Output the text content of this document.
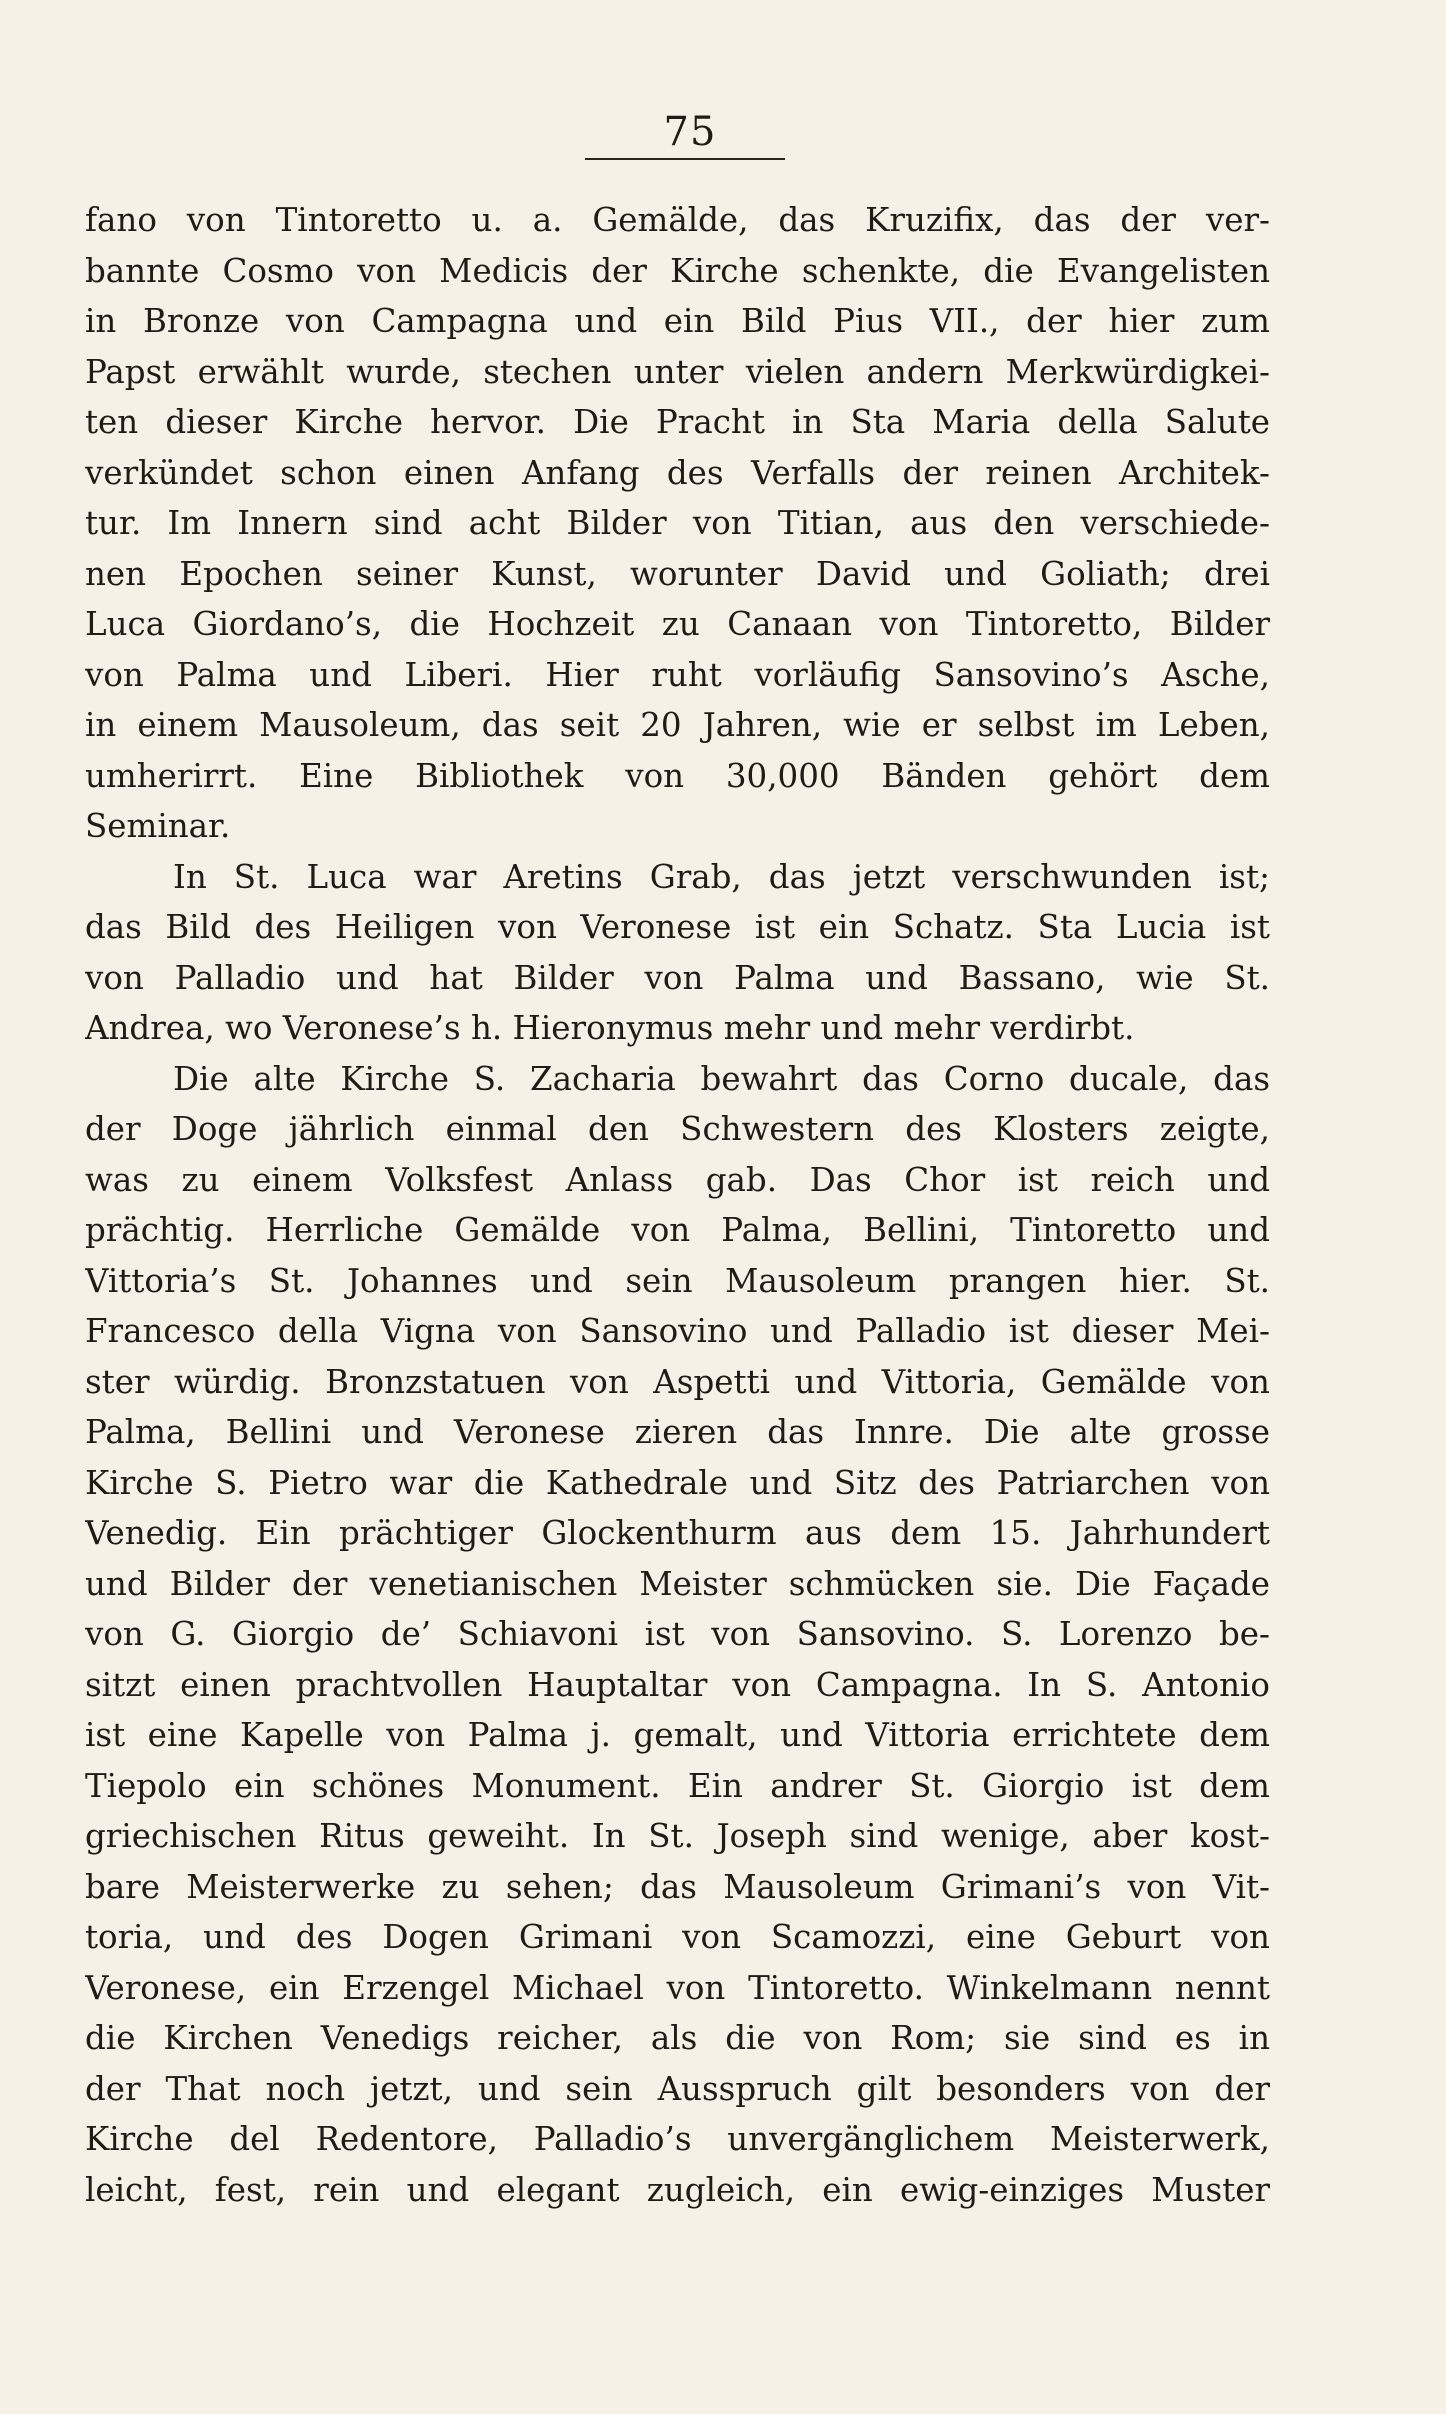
75
fano von Tintoretto u. a. Gemälde, das Kruzifix, das der ver-
bannte Cosmo von Medicis der Kirche schenkte, die Evangelisten
in Bronze von Campagna und ein Bild Pius VII., der hier zum
Papst erwählt wurde, stechen unter vielen andern Merkwürdigkei-
ten dieser Kirche hervor. Die Pracht in Sta Maria della Salute
verkündet schon einen Anfang des Verfalls der reinen Architek-
tur. Im Innern sind acht Bilder von Titian, aus den verschiede-
nen Epochen seiner Kunst, worunter David und Goliath; drei
Luca Giordano’s, die Hochzeit zu Canaan von Tintoretto, Bilder
von Palma und Liberi. Hier ruht vorläufig Sansovino’s Asche,
in einem Mausoleum, das seit 20 Jahren, wie er selbst im Leben,
umherirrt. Eine Bibliothek von 30,000 Bänden gehört dem
Seminar.
In St. Luca war Aretins Grab, das jetzt verschwunden ist;
das Bild des Heiligen von Veronese ist ein Schatz. Sta Lucia ist
von Palladio und hat Bilder von Palma und Bassano, wie St.
Andrea, wo Veronese’s h. Hieronymus mehr und mehr verdirbt.
Die alte Kirche S. Zacharia bewahrt das Corno ducale, das
der Doge jährlich einmal den Schwestern des Klosters zeigte,
was zu einem Volksfest Anlass gab. Das Chor ist reich und
prächtig. Herrliche Gemälde von Palma, Bellini, Tintoretto und
Vittoria’s St. Johannes und sein Mausoleum prangen hier. St.
Francesco della Vigna von Sansovino und Palladio ist dieser Mei-
ster würdig. Bronzstatuen von Aspetti und Vittoria, Gemälde von
Palma, Bellini und Veronese zieren das Innre. Die alte grosse
Kirche S. Pietro war die Kathedrale und Sitz des Patriarchen von
Venedig. Ein prächtiger Glockenthurm aus dem 15. Jahrhundert
und Bilder der venetianischen Meister schmücken sie. Die Façade
von G. Giorgio de’ Schiavoni ist von Sansovino. S. Lorenzo be-
sitzt einen prachtvollen Hauptaltar von Campagna. In S. Antonio
ist eine Kapelle von Palma j. gemalt, und Vittoria errichtete dem
Tiepolo ein schönes Monument. Ein andrer St. Giorgio ist dem
griechischen Ritus geweiht. In St. Joseph sind wenige, aber kost-
bare Meisterwerke zu sehen; das Mausoleum Grimani’s von Vit-
toria, und des Dogen Grimani von Scamozzi, eine Geburt von
Veronese, ein Erzengel Michael von Tintoretto. Winkelmann nennt
die Kirchen Venedigs reicher, als die von Rom; sie sind es in
der That noch jetzt, und sein Ausspruch gilt besonders von der
Kirche del Redentore, Palladio’s unvergänglichem Meisterwerk,
leicht, fest, rein und elegant zugleich, ein ewig-einziges Muster
